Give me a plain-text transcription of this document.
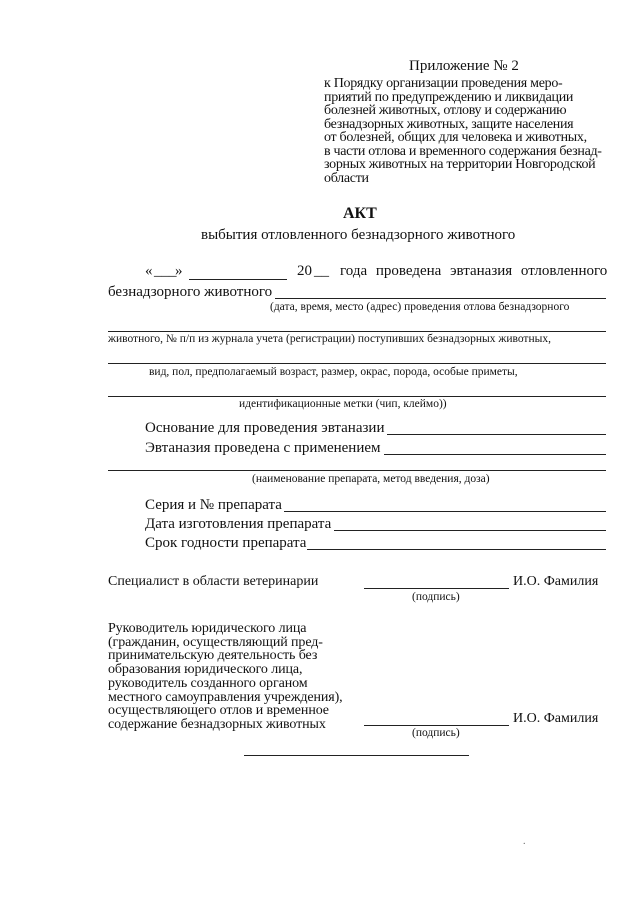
Приложение № 2
к Порядку организации проведения меро-
приятий по предупреждению и ликвидации
болезней животных, отлову и содержанию
безнадзорных животных, защите населения
от болезней, общих для человека и животных,
в части отлова и временного содержания безнад-
зорных животных на территории Новгородской
области
АКТ
выбытия отловленного безнадзорного животного
« ___
»	20 __ года проведена эвтаназия отловленного
безнадзорного животного
(дата, время, место (адрес) проведения отлова безнадзорного
животного, № п/п из журнала учета (регистрации) поступивших безнадзорных животных,
вид, пол, предполагаемый возраст, размер, окрас, порода, особые приметы,
идентификационные метки (чип, клеймо))
Основание для проведения эвтаназии
Эвтаназия проведена с применением
(наименование препарата, метод введения, доза)
Серия и № препарата
Дата изготовления препарата
Срок годности препарата
Специалист в области ветеринарии	И.О. Фамилия
(подпись)
Руководитель юридического лица
(гражданин, осуществляющий пред-
принимательскую деятельность без
образования юридического лица,
руководитель созданного органом
местного самоуправления учреждения),
осуществляющего отлов и временное
содержание безнадзорных животных	И.О. Фамилия
(подпись)
.
